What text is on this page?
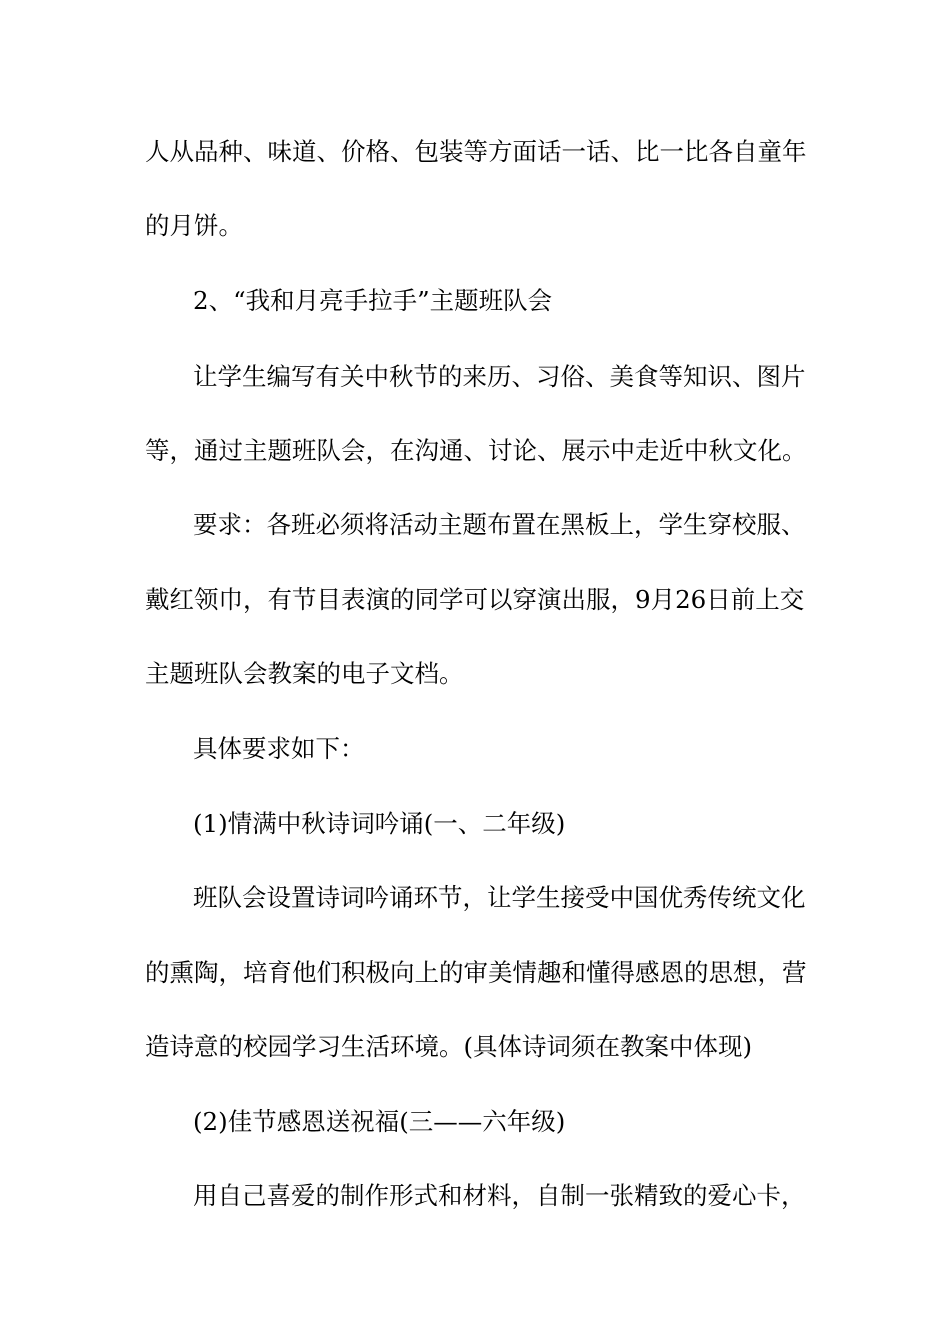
人从品种、味道、价格、包装等方面话一话、比一比各自童年
的月饼。
2、“我和月亮手拉手”主题班队会
让学生编写有关中秋节的来历、习俗、美食等知识、图片
等，通过主题班队会，在沟通、讨论、展示中走近中秋文化。
要求：各班必须将活动主题布置在黑板上，学生穿校服、
戴红领巾，有节目表演的同学可以穿演出服，9月26日前上交
主题班队会教案的电子文档。
具体要求如下：
(1)情满中秋诗词吟诵(一、二年级)
班队会设置诗词吟诵环节，让学生接受中国优秀传统文化
的熏陶，培育他们积极向上的审美情趣和懂得感恩的思想，营
造诗意的校园学习生活环境。(具体诗词须在教案中体现)
(2)佳节感恩送祝福(三——六年级)
用自己喜爱的制作形式和材料，自制一张精致的爱心卡，
